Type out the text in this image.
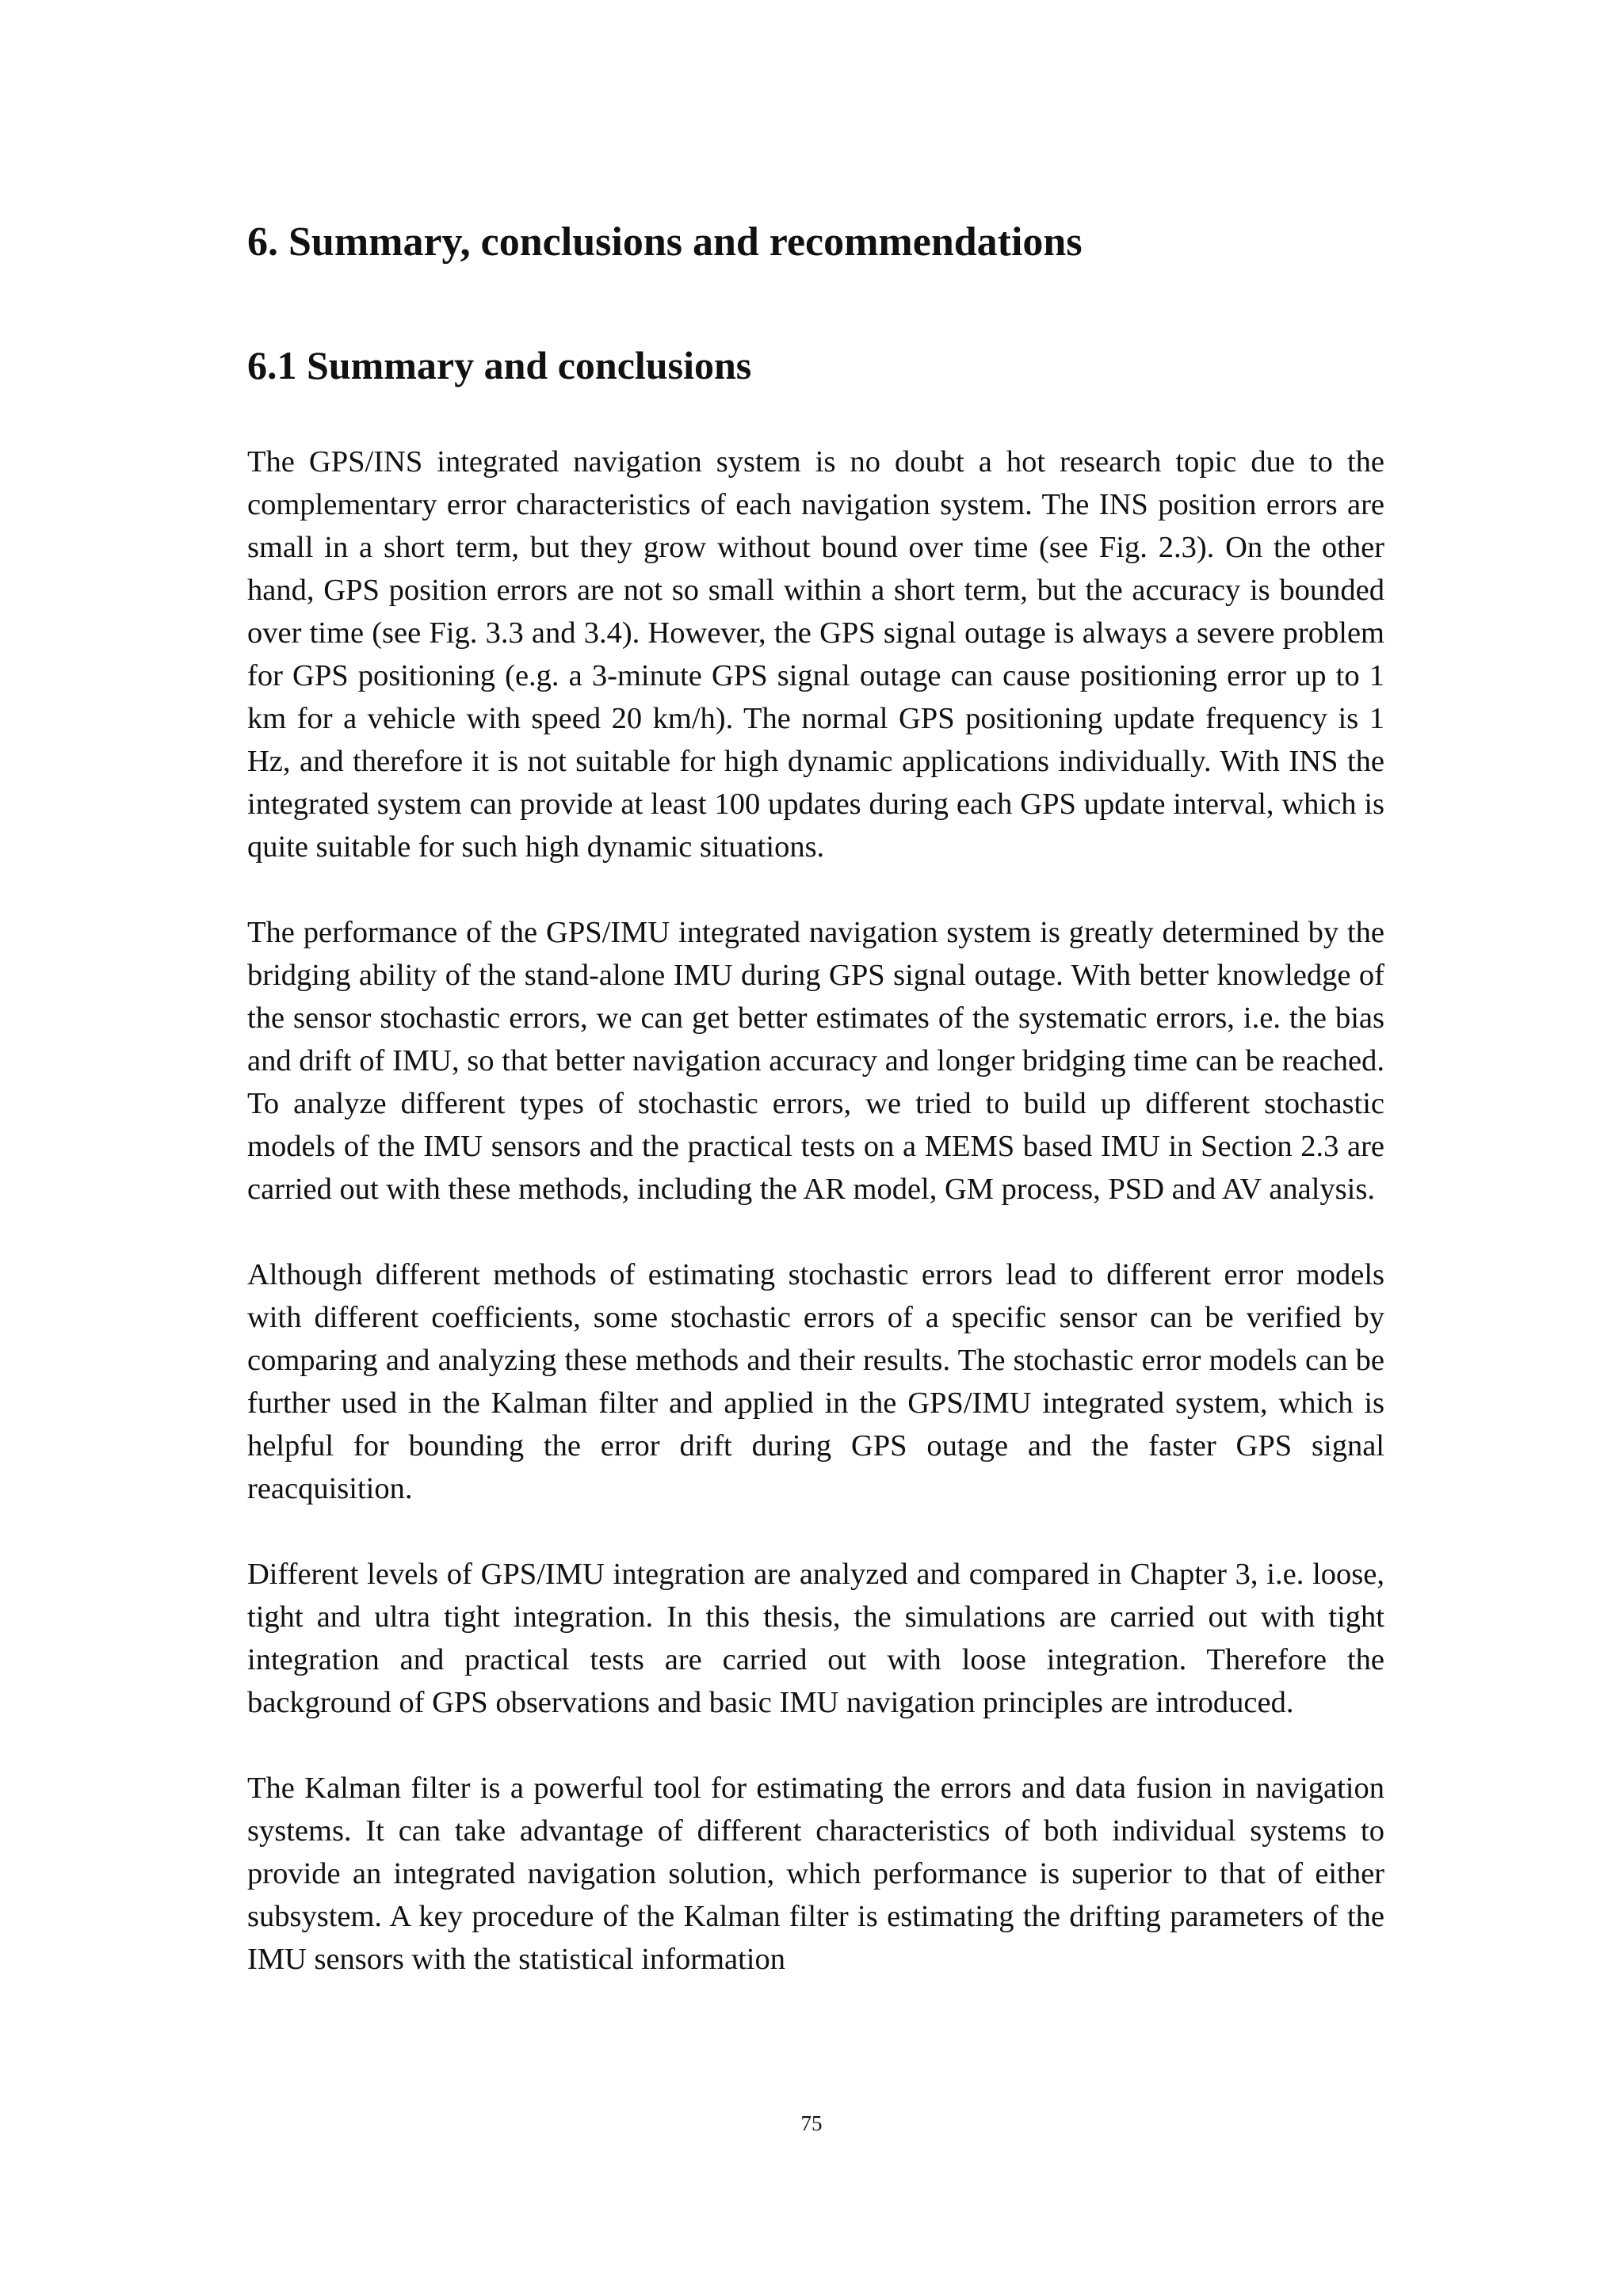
6. Summary, conclusions and recommendations
6.1 Summary and conclusions

The GPS/INS integrated navigation system is no doubt a hot research topic due to the complementary error characteristics of each navigation system. The INS position errors are small in a short term, but they grow without bound over time (see Fig. 2.3). On the other hand, GPS position errors are not so small within a short term, but the accuracy is bounded over time (see Fig. 3.3 and 3.4). However, the GPS signal outage is always a severe problem for GPS positioning (e.g. a 3-minute GPS signal outage can cause positioning error up to 1 km for a vehicle with speed 20 km/h). The normal GPS positioning update frequency is 1 Hz, and therefore it is not suitable for high dynamic applications individually. With INS the integrated system can provide at least 100 updates during each GPS update interval, which is quite suitable for such high dynamic situations.

The performance of the GPS/IMU integrated navigation system is greatly determined by the bridging ability of the stand-alone IMU during GPS signal outage. With better knowledge of the sensor stochastic errors, we can get better estimates of the systematic errors, i.e. the bias and drift of IMU, so that better navigation accuracy and longer bridging time can be reached. To analyze different types of stochastic errors, we tried to build up different stochastic models of the IMU sensors and the practical tests on a MEMS based IMU in Section 2.3 are carried out with these methods, including the AR model, GM process, PSD and AV analysis.

Although different methods of estimating stochastic errors lead to different error models with different coefficients, some stochastic errors of a specific sensor can be verified by comparing and analyzing these methods and their results. The stochastic error models can be further used in the Kalman filter and applied in the GPS/IMU integrated system, which is helpful for bounding the error drift during GPS outage and the faster GPS signal reacquisition.

Different levels of GPS/IMU integration are analyzed and compared in Chapter 3, i.e. loose, tight and ultra tight integration. In this thesis, the simulations are carried out with tight integration and practical tests are carried out with loose integration. Therefore the background of GPS observations and basic IMU navigation principles are introduced.

The Kalman filter is a powerful tool for estimating the errors and data fusion in navigation systems. It can take advantage of different characteristics of both individual systems to provide an integrated navigation solution, which performance is superior to that of either subsystem. A key procedure of the Kalman filter is estimating the drifting parameters of the IMU sensors with the statistical information

75
